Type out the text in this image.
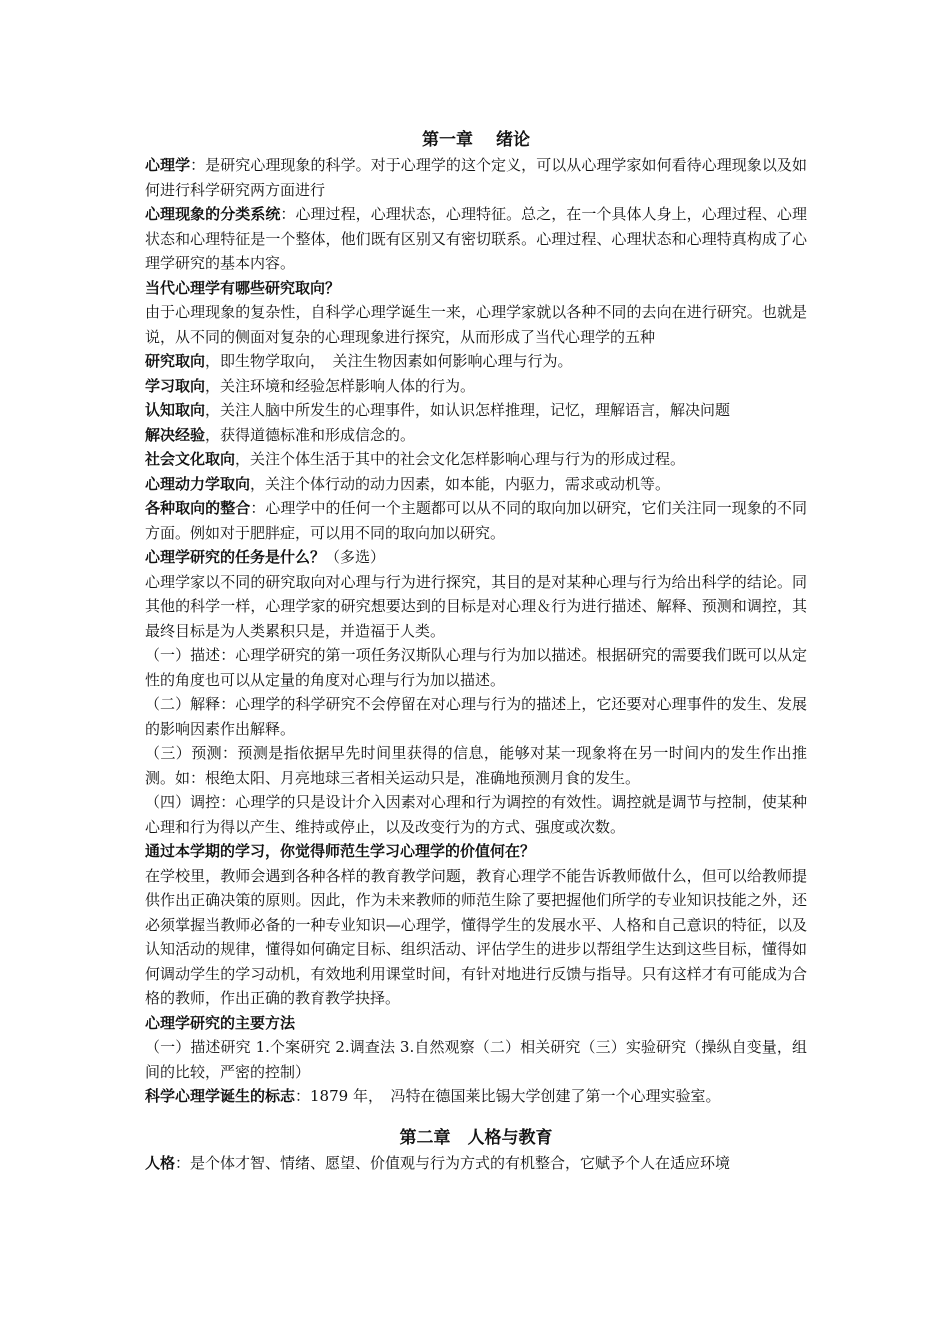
第一章　 绪论

心理学：是研究心理现象的科学。对于心理学的这个定义，可以从心理学家如何看待心理现象以及如何进行科学研究两方面进行

心理现象的分类系统：心理过程，心理状态，心理特征。总之，在一个具体人身上，心理过程、心理状态和心理特征是一个整体，他们既有区别又有密切联系。心理过程、心理状态和心理特真构成了心理学研究的基本内容。

当代心理学有哪些研究取向？

由于心理现象的复杂性，自科学心理学诞生一来，心理学家就以各种不同的去向在进行研究。也就是说，从不同的侧面对复杂的心理现象进行探究，从而形成了当代心理学的五种

研究取向，即生物学取向，　关注生物因素如何影响心理与行为。

学习取向，关注环境和经验怎样影响人体的行为。

认知取向，关注人脑中所发生的心理事件，如认识怎样推理，记忆，理解语言，解决问题

解决经验，获得道德标准和形成信念的。

社会文化取向，关注个体生活于其中的社会文化怎样影响心理与行为的形成过程。

心理动力学取向，关注个体行动的动力因素，如本能，内驱力，需求或动机等。

各种取向的整合：心理学中的任何一个主题都可以从不同的取向加以研究，它们关注同一现象的不同方面。例如对于肥胖症，可以用不同的取向加以研究。

心理学研究的任务是什么？（多选）

心理学家以不同的研究取向对心理与行为进行探究，其目的是对某种心理与行为给出科学的结论。同其他的科学一样，心理学家的研究想要达到的目标是对心理＆行为进行描述、解释、预测和调控，其最终目标是为人类累积只是，并造福于人类。

（一）描述：心理学研究的第一项任务汉斯队心理与行为加以描述。根据研究的需要我们既可以从定性的角度也可以从定量的角度对心理与行为加以描述。

（二）解释：心理学的科学研究不会停留在对心理与行为的描述上，它还要对心理事件的发生、发展的影响因素作出解释。

（三）预测：预测是指依据早先时间里获得的信息，能够对某一现象将在另一时间内的发生作出推测。如：根绝太阳、月亮地球三者相关运动只是，准确地预测月食的发生。

（四）调控：心理学的只是设计介入因素对心理和行为调控的有效性。调控就是调节与控制，使某种心理和行为得以产生、维持或停止，以及改变行为的方式、强度或次数。

通过本学期的学习，你觉得师范生学习心理学的价值何在？

在学校里，教师会遇到各种各样的教育教学问题，教育心理学不能告诉教师做什么，但可以给教师提供作出正确决策的原则。因此，作为未来教师的师范生除了要把握他们所学的专业知识技能之外，还必须掌握当教师必备的一种专业知识—心理学，懂得学生的发展水平、人格和自己意识的特征，以及认知活动的规律，懂得如何确定目标、组织活动、评估学生的进步以帮组学生达到这些目标，懂得如何调动学生的学习动机，有效地利用课堂时间，有针对地进行反馈与指导。只有这样才有可能成为合格的教师，作出正确的教育教学抉择。

心理学研究的主要方法

（一）描述研究 1.个案研究 2.调查法 3.自然观察（二）相关研究（三）实验研究（操纵自变量，组间的比较，严密的控制）

科学心理学诞生的标志：1879 年，　冯特在德国莱比锡大学创建了第一个心理实验室。

第二章　人格与教育

人格：是个体才智、情绪、愿望、价值观与行为方式的有机整合，它赋予个人在适应环境
